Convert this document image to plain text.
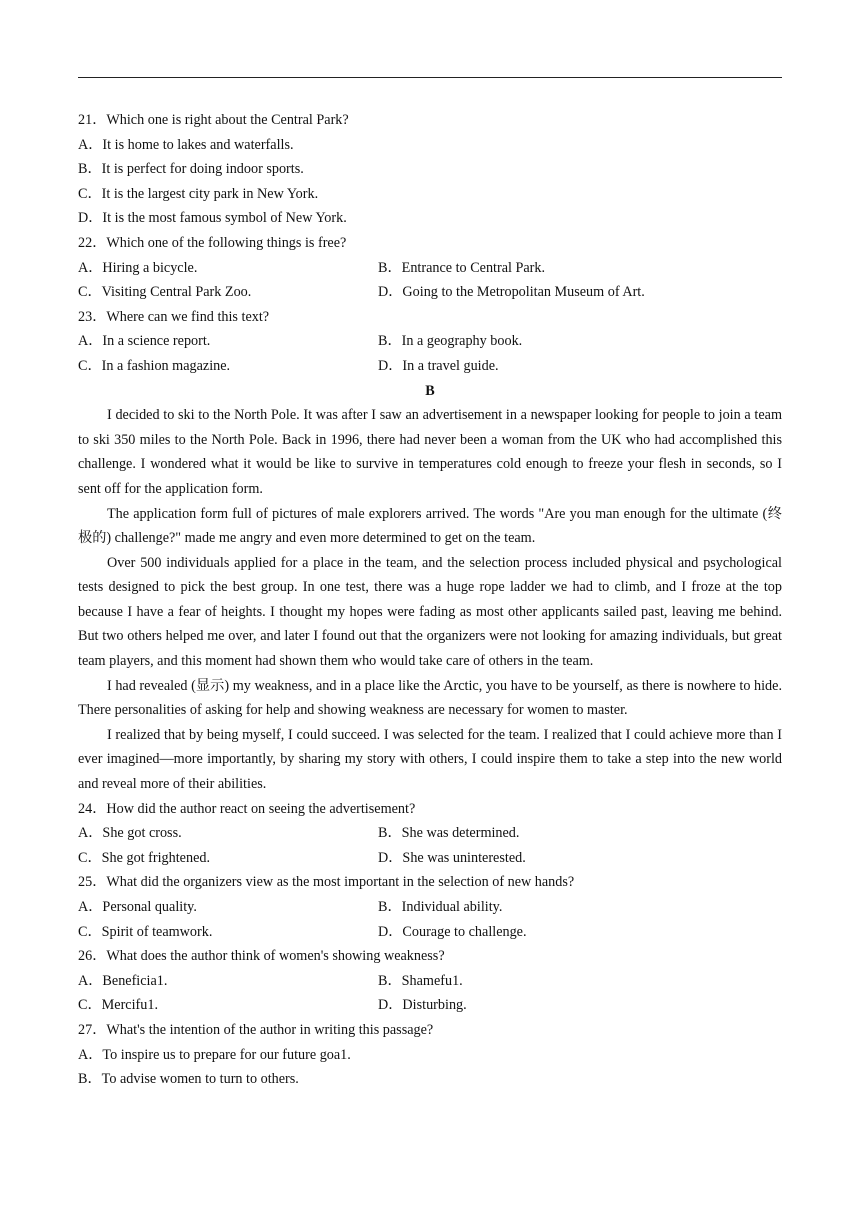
21．Which one is right about the Central Park?
A．It is home to lakes and waterfalls.
B．It is perfect for doing indoor sports.
C．It is the largest city park in New York.
D．It is the most famous symbol of New York.
22．Which one of the following things is free?
A．Hiring a bicycle.	B．Entrance to Central Park.
C．Visiting Central Park Zoo.	D．Going to the Metropolitan Museum of Art.
23．Where can we find this text?
A．In a science report.	B．In a geography book.
C．In a fashion magazine.	D．In a travel guide.
B
I decided to ski to the North Pole. It was after I saw an advertisement in a newspaper looking for people to join a team to ski 350 miles to the North Pole. Back in 1996, there had never been a woman from the UK who had accomplished this challenge. I wondered what it would be like to survive in temperatures cold enough to freeze your flesh in seconds, so I sent off for the application form.
The application form full of pictures of male explorers arrived. The words "Are you man enough for the ultimate (终极的) challenge?" made me angry and even more determined to get on the team.
Over 500 individuals applied for a place in the team, and the selection process included physical and psychological tests designed to pick the best group. In one test, there was a huge rope ladder we had to climb, and I froze at the top because I have a fear of heights. I thought my hopes were fading as most other applicants sailed past, leaving me behind. But two others helped me over, and later I found out that the organizers were not looking for amazing individuals, but great team players, and this moment had shown them who would take care of others in the team.
I had revealed (显示) my weakness, and in a place like the Arctic, you have to be yourself, as there is nowhere to hide. There personalities of asking for help and showing weakness are necessary for women to master.
I realized that by being myself, I could succeed. I was selected for the team. I realized that I could achieve more than I ever imagined—more importantly, by sharing my story with others, I could inspire them to take a step into the new world and reveal more of their abilities.
24．How did the author react on seeing the advertisement?
A．She got cross.	B．She was determined.
C．She got frightened.	D．She was uninterested.
25．What did the organizers view as the most important in the selection of new hands?
A．Personal quality.	B．Individual ability.
C．Spirit of teamwork.	D．Courage to challenge.
26．What does the author think of women's showing weakness?
A．Beneficia1.	B．Shamefu1.
C．Mercifu1.	D．Disturbing.
27．What's the intention of the author in writing this passage?
A．To inspire us to prepare for our future goa1.
B．To advise women to turn to others.
